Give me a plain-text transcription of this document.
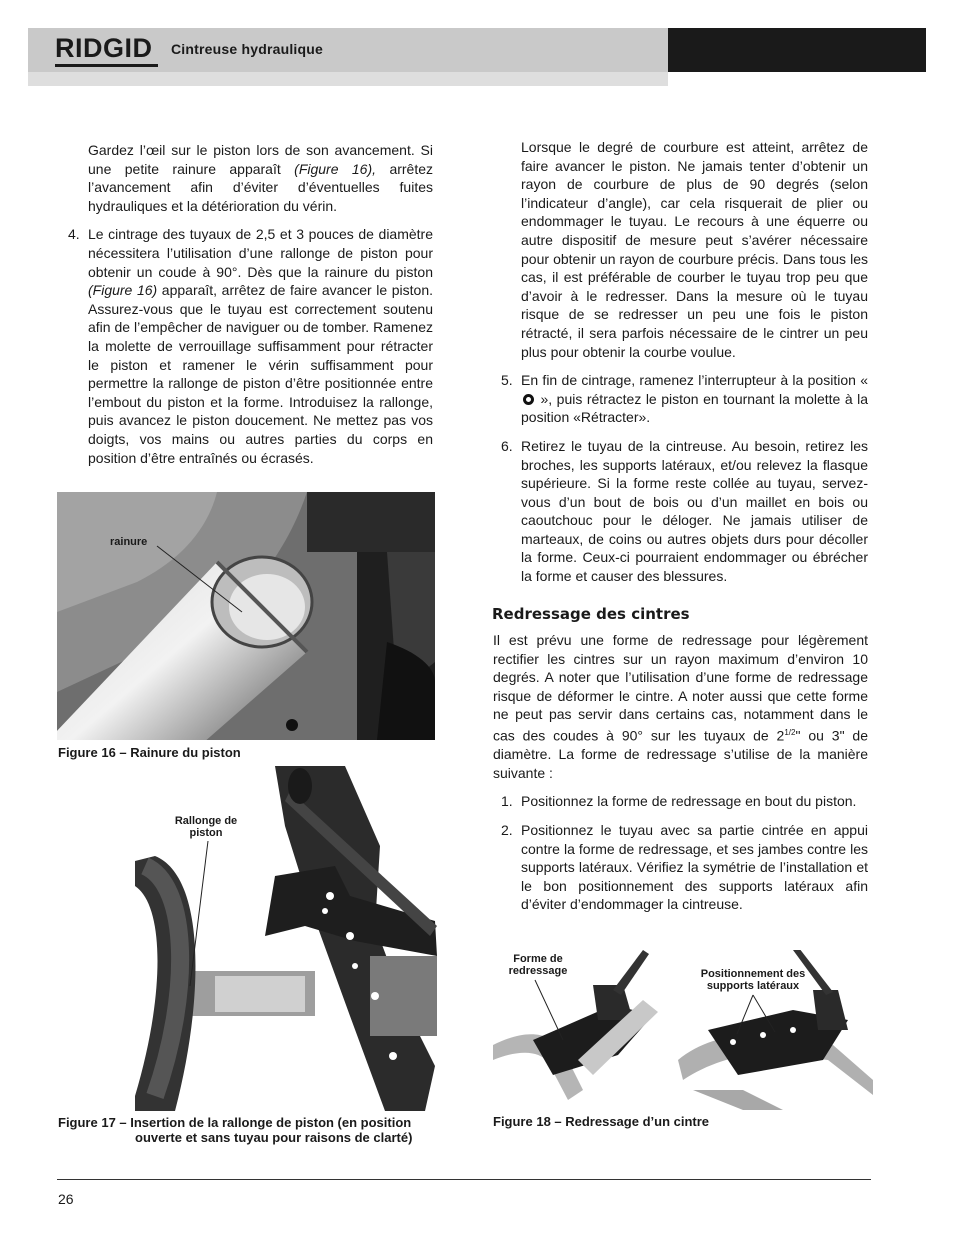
RIDGID Cintreuse hydraulique

Gardez l’œil sur le piston lors de son avancement. Si une petite rainure apparaît (Figure 16), arrêtez l’avancement afin d’éviter d’éventuelles fuites hydrauliques et la détérioration du vérin.

4. Le cintrage des tuyaux de 2,5 et 3 pouces de diamètre nécessitera l’utilisation d’une rallonge de piston pour obtenir un coude à 90°. Dès que la rainure du piston (Figure 16) apparaît, arrêtez de faire avancer le piston. Assurez-vous que le tuyau est correctement soutenu afin de l’empêcher de naviguer ou de tomber. Ramenez la molette de verrouillage suffisamment pour rétracter le piston et ramener le vérin suffisamment pour permettre la rallonge de piston d’être positionnée entre l’embout du piston et la forme. Introduisez la rallonge, puis avancez le piston doucement. Ne mettez pas vos doigts, vos mains ou autres parties du corps en position d’être entraînés ou écrasés.
rainure
Figure 16 – Rainure du piston
Rallonge de piston
Figure 17 – Insertion de la rallonge de piston (en position
ouverte et sans tuyau pour raisons de clarté)

Lorsque le degré de courbure est atteint, arrêtez de faire avancer le piston. Ne jamais tenter d’obtenir un rayon de courbure de plus de 90 degrés (selon l’indicateur d’angle), car cela risquerait de plier ou endommager le tuyau. Le recours à une équerre ou autre dispositif de mesure peut s’avérer nécessaire pour obtenir un rayon de courbure précis. Dans tous les cas, il est préférable de courber le tuyau trop peu que d’avoir à le redresser. Dans la mesure où le tuyau risque de se redresser un peu une fois le piston rétracté, il sera parfois nécessaire de le cintrer un peu plus pour obtenir la courbe voulue.

5. En fin de cintrage, ramenez l’interrupteur à la position «  », puis rétractez le piston en tournant la molette à la position «Rétracter».
6. Retirez le tuyau de la cintreuse. Au besoin, retirez les broches, les supports latéraux, et/ou relevez la flasque supérieure. Si la forme reste collée au tuyau, servez-vous d’un bout de bois ou d’un maillet en bois ou caoutchouc pour le déloger. Ne jamais utiliser de marteaux, de coins ou autres objets durs pour décoller la forme. Ceux-ci pourraient endommager ou ébrécher la forme et causer des blessures.
Redressage des cintres

Il est prévu une forme de redressage pour légèrement rectifier les cintres sur un rayon maximum d’environ 10 degrés. A noter que l’utilisation d’une forme de redressage risque de déformer le cintre. A noter aussi que cette forme ne peut pas servir dans certains cas, notamment dans le cas des coudes à 90° sur les tuyaux de $2^{1/2}$" ou 3" de diamètre. La forme de redressage s’utilise de la manière suivante :

1. Positionnez la forme de redressage en bout du piston.
2. Positionnez le tuyau avec sa partie cintrée en appui contre la forme de redressage, et ses jambes contre les supports latéraux. Vérifiez la symétrie de l’installation et le bon positionnement des supports latéraux afin d’éviter d’endommager la cintreuse.
Forme de redressage	Positionnement des supports latéraux
Figure 18 – Redressage d’un cintre
26
